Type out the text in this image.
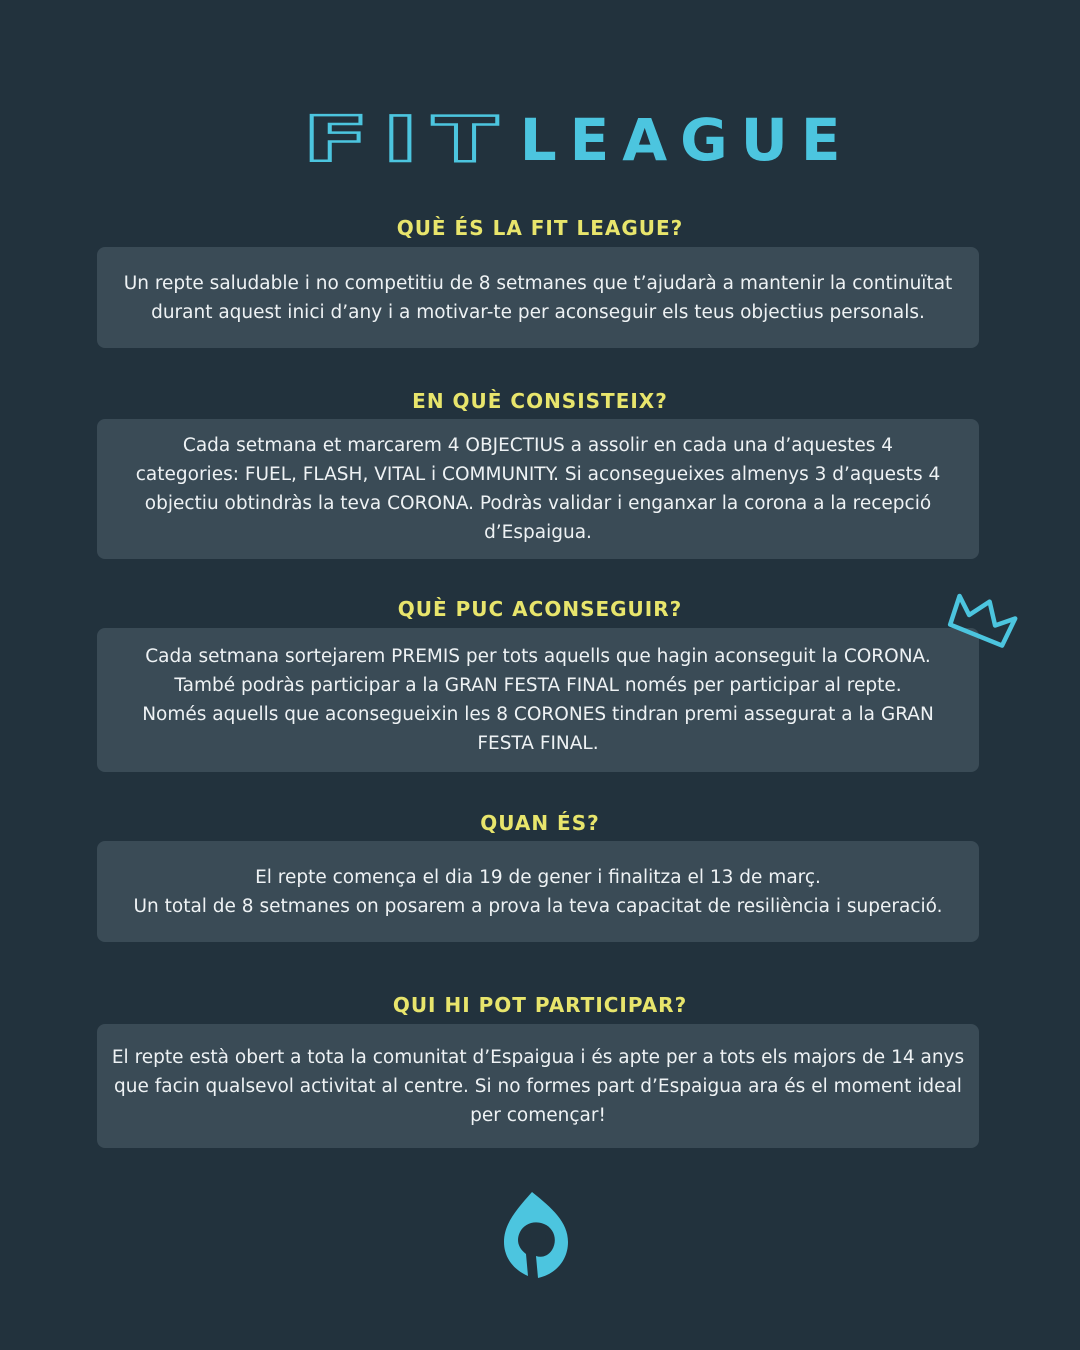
FIT LEAGUE
QUÈ ÉS LA FIT LEAGUE?

Un repte saludable i no competitiu de 8 setmanes que t’ajudarà a mantenir la continuïtat
durant aquest inici d’any i a motivar-te per aconseguir els teus objectius personals.

EN QUÈ CONSISTEIX?

Cada setmana et marcarem 4 OBJECTIUS a assolir en cada una d’aquestes 4
categories: FUEL, FLASH, VITAL i COMMUNITY. Si aconsegueixes almenys 3 d’aquests 4
objectiu obtindràs la teva CORONA. Podràs validar i enganxar la corona a la recepció
d’Espaigua.

QUÈ PUC ACONSEGUIR?

Cada setmana sortejarem PREMIS per tots aquells que hagin aconseguit la CORONA.
També podràs participar a la GRAN FESTA FINAL només per participar al repte.
Només aquells que aconsegueixin les 8 CORONES tindran premi assegurat a la GRAN
FESTA FINAL.

QUAN ÉS?

El repte comença el dia 19 de gener i finalitza el 13 de març.
Un total de 8 setmanes on posarem a prova la teva capacitat de resiliència i superació.

QUI HI POT PARTICIPAR?

El repte està obert a tota la comunitat d’Espaigua i és apte per a tots els majors de 14 anys
que facin qualsevol activitat al centre. Si no formes part d’Espaigua ara és el moment ideal
per començar!
